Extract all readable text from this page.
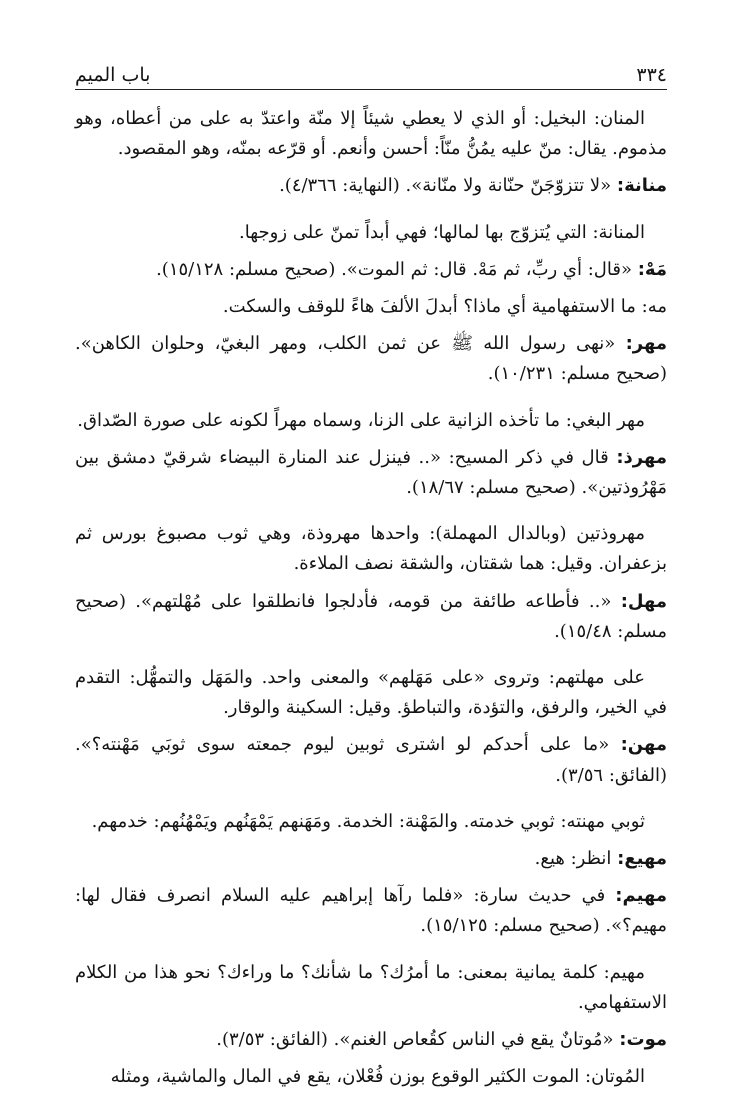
٣٣٤
باب الميم

المنان: البخيل: أو الذي لا يعطي شيئاً إلا منّة واعتدّ به على من أعطاه، وهو مذموم. يقال: منّ عليه يمُنُّ منّاً: أحسن وأنعم. أو قرّعه بمنّه، وهو المقصود.

منانة: «لا تتزوّجَنّ حنّانة ولا منّانة». (النهاية: ٤/٣٦٦).

المنانة: التي يُتزوّج بها لمالها؛ فهي أبداً تمنّ على زوجها.

مَهْ: «قال: أي ربِّ، ثم مَهْ. قال: ثم الموت». (صحيح مسلم: ١٥/١٢٨).

مه: ما الاستفهامية أي ماذا؟ أبدلَ الألفَ هاءً للوقف والسكت.

مهر: «نهى رسول الله ﷺ عن ثمن الكلب، ومهر البغيّ، وحلوان الكاهن». (صحيح مسلم: ١٠/٢٣١).

مهر البغي: ما تأخذه الزانية على الزنا، وسماه مهراً لكونه على صورة الصّداق.

مهرذ: قال في ذكر المسيح: «.. فينزل عند المنارة البيضاء شرقيّ دمشق بين مَهْرُوذتين». (صحيح مسلم: ١٨/٦٧).

مهروذتين (وبالدال المهملة): واحدها مهروذة، وهي ثوب مصبوغ بورس ثم بزعفران. وقيل: هما شقتان، والشقة نصف الملاءة.

مهل: «.. فأطاعه طائفة من قومه، فأدلجوا فانطلقوا على مُهْلتهم». (صحيح مسلم: ١٥/٤٨).

على مهلتهم: وتروى «على مَهَلهم» والمعنى واحد. والمَهَل والتمهُّل: التقدم في الخير، والرفق، والتؤدة، والتباطؤ. وقيل: السكينة والوقار.

مهن: «ما على أحدكم لو اشترى ثوبين ليوم جمعته سوى ثوبَي مَهْنته؟». (الفائق: ٣/٥٦).

ثوبي مهنته: ثوبي خدمته. والمَهْنة: الخدمة. ومَهَنهم يَمْهَنُهم ويَمْهُنُهم: خدمهم.

مهيع: انظر: هيع.

مهيم: في حديث سارة: «فلما رآها إبراهيم عليه السلام انصرف فقال لها: مهيم؟». (صحيح مسلم: ١٥/١٢٥).

مهيم: كلمة يمانية بمعنى: ما أمرُك؟ ما شأنك؟ ما وراءك؟ نحو هذا من الكلام الاستفهامي.

موت: «مُوتانٌ يقع في الناس كقُعاص الغنم». (الفائق: ٣/٥٣).

المُوتان: الموت الكثير الوقوع بوزن فُعْلان، يقع في المال والماشية، ومثله
